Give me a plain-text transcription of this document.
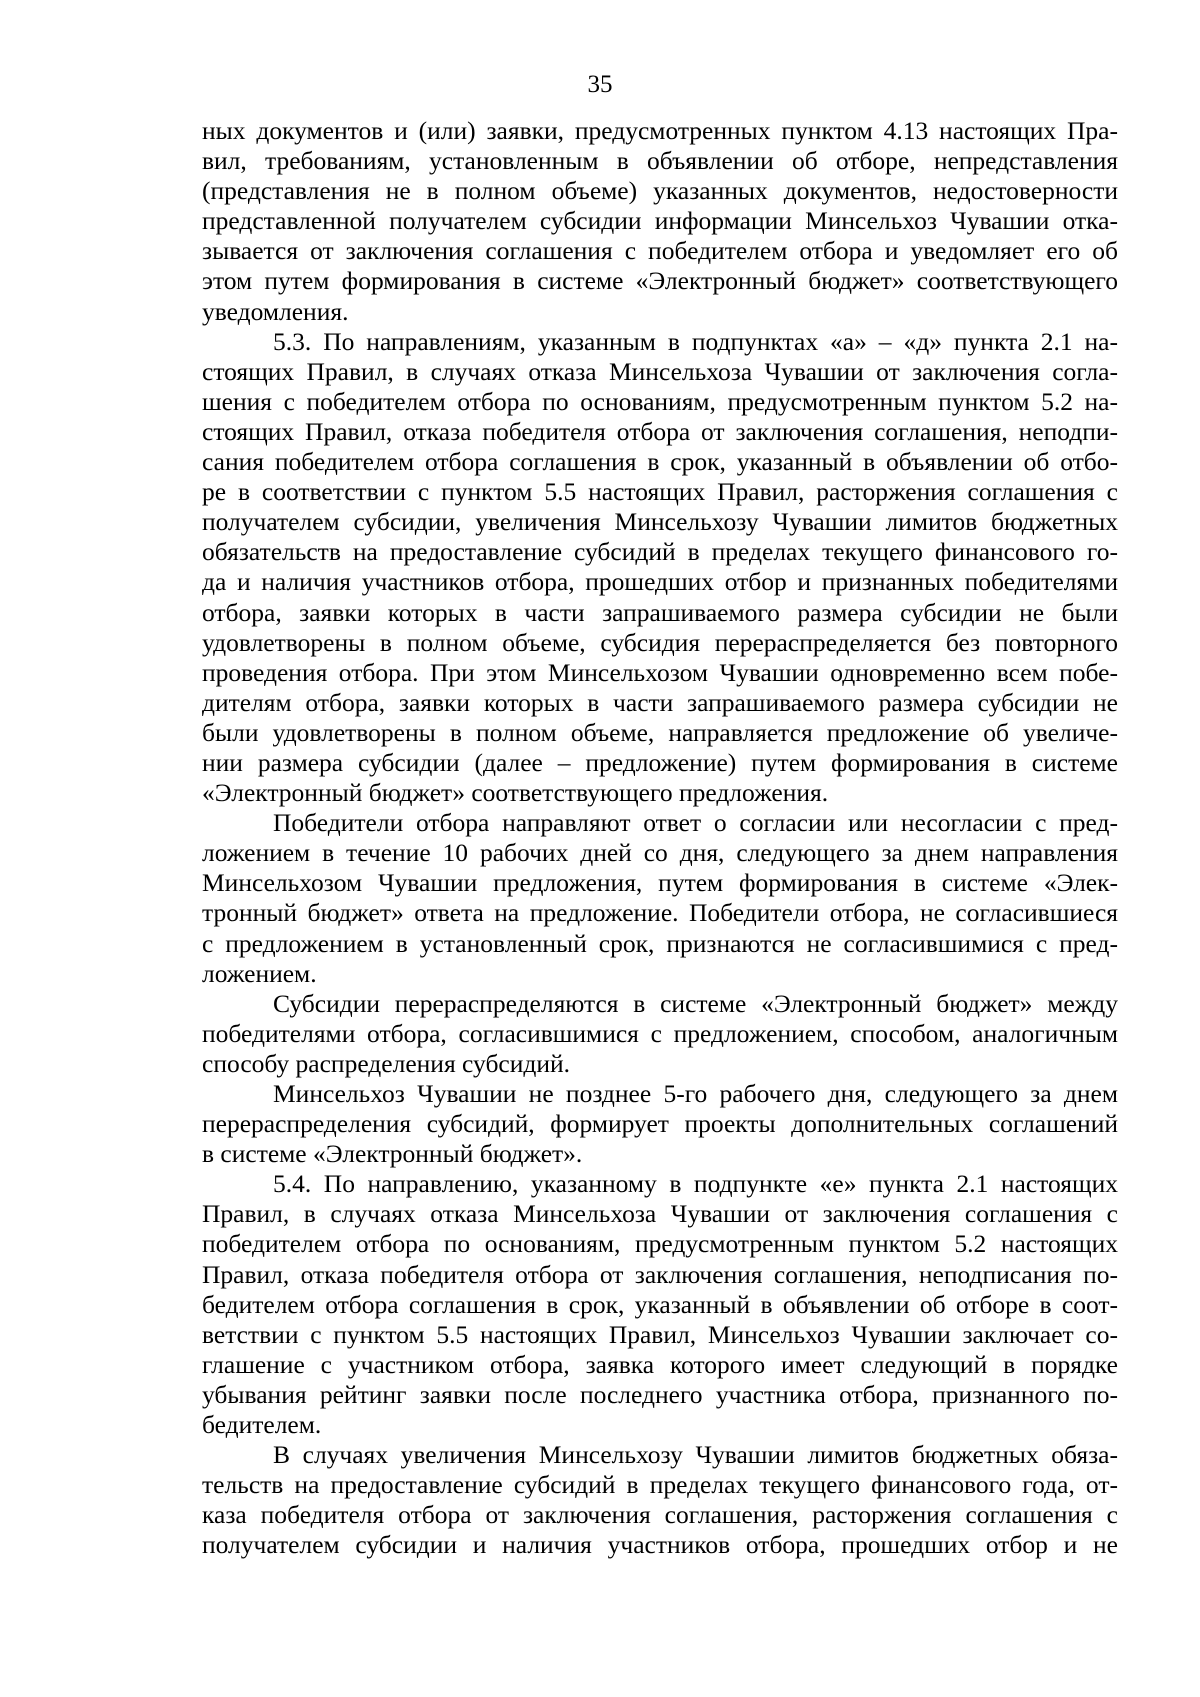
35
ных документов и (или) заявки, предусмотренных пунктом 4.13 настоящих Пра-
вил, требованиям, установленным в объявлении об отборе, непредставления
(представления не в полном объеме) указанных документов, недостоверности
представленной получателем субсидии информации Минсельхоз Чувашии отка-
зывается от заключения соглашения с победителем отбора и уведомляет его об
этом путем формирования в системе «Электронный бюджет» соответствующего
уведомления.
5.3. По направлениям, указанным в подпунктах «а» – «д» пункта 2.1 на-
стоящих Правил, в случаях отказа Минсельхоза Чувашии от заключения согла-
шения с победителем отбора по основаниям, предусмотренным пунктом 5.2 на-
стоящих Правил, отказа победителя отбора от заключения соглашения, неподпи-
сания победителем отбора соглашения в срок, указанный в объявлении об отбо-
ре в соответствии с пунктом 5.5 настоящих Правил, расторжения соглашения с
получателем субсидии, увеличения Минсельхозу Чувашии лимитов бюджетных
обязательств на предоставление субсидий в пределах текущего финансового го-
да и наличия участников отбора, прошедших отбор и признанных победителями
отбора, заявки которых в части запрашиваемого размера субсидии не были
удовлетворены в полном объеме, субсидия перераспределяется без повторного
проведения отбора. При этом Минсельхозом Чувашии одновременно всем побе-
дителям отбора, заявки которых в части запрашиваемого размера субсидии не
были удовлетворены в полном объеме, направляется предложение об увеличе-
нии размера субсидии (далее – предложение) путем формирования в системе
«Электронный бюджет» соответствующего предложения.
Победители отбора направляют ответ о согласии или несогласии с пред-
ложением в течение 10 рабочих дней со дня, следующего за днем направления
Минсельхозом Чувашии предложения, путем формирования в системе «Элек-
тронный бюджет» ответа на предложение. Победители отбора, не согласившиеся
с предложением в установленный срок, признаются не согласившимися с пред-
ложением.
Субсидии перераспределяются в системе «Электронный бюджет» между
победителями отбора, согласившимися с предложением, способом, аналогичным
способу распределения субсидий.
Минсельхоз Чувашии не позднее 5-го рабочего дня, следующего за днем
перераспределения субсидий, формирует проекты дополнительных соглашений
в системе «Электронный бюджет».
5.4. По направлению, указанному в подпункте «е» пункта 2.1 настоящих
Правил, в случаях отказа Минсельхоза Чувашии от заключения соглашения с
победителем отбора по основаниям, предусмотренным пунктом 5.2 настоящих
Правил, отказа победителя отбора от заключения соглашения, неподписания по-
бедителем отбора соглашения в срок, указанный в объявлении об отборе в соот-
ветствии с пунктом 5.5 настоящих Правил, Минсельхоз Чувашии заключает со-
глашение с участником отбора, заявка которого имеет следующий в порядке
убывания рейтинг заявки после последнего участника отбора, признанного по-
бедителем.
В случаях увеличения Минсельхозу Чувашии лимитов бюджетных обяза-
тельств на предоставление субсидий в пределах текущего финансового года, от-
каза победителя отбора от заключения соглашения, расторжения соглашения с
получателем субсидии и наличия участников отбора, прошедших отбор и не
